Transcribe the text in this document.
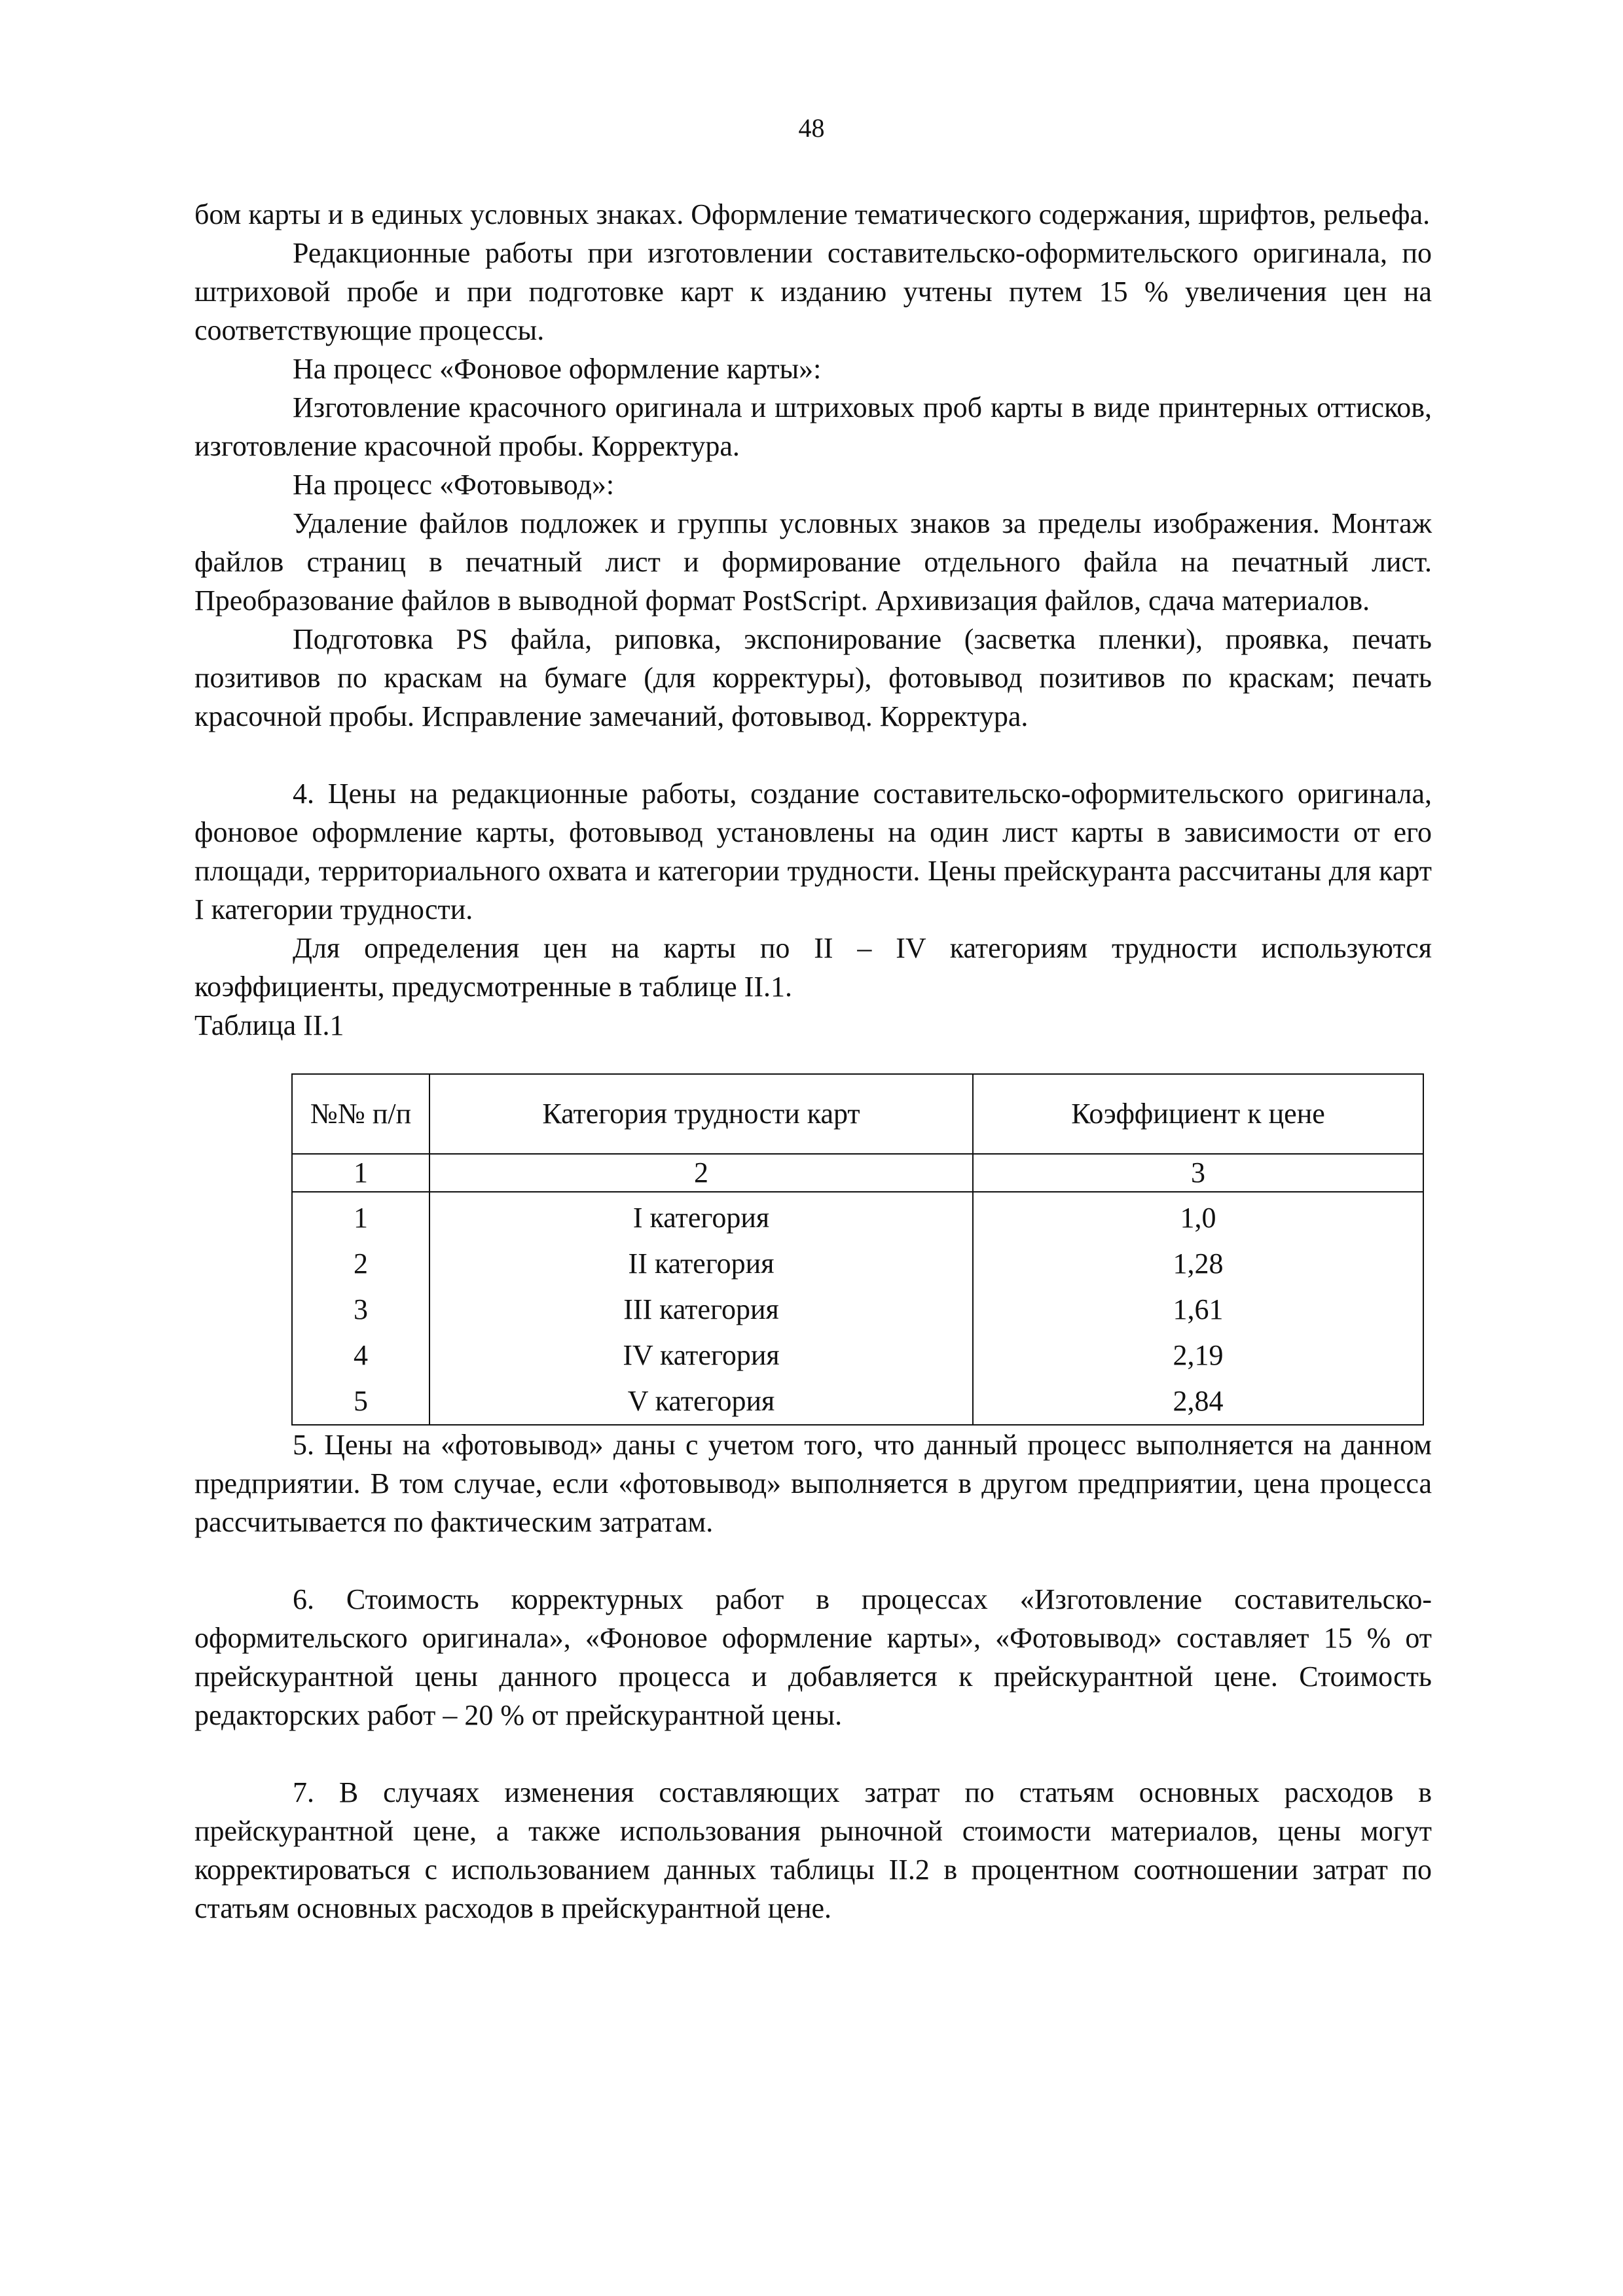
48

бом карты и в единых условных знаках. Оформление тематического содержания, шрифтов, рельефа.

Редакционные работы при изготовлении составительско-оформительского оригинала, по штриховой пробе и при подготовке карт к изданию учтены путем 15 % увеличения цен на соответствующие процессы.

На процесс «Фоновое оформление карты»:

Изготовление красочного оригинала и штриховых проб карты в виде принтерных оттисков, изготовление красочной пробы. Корректура.

На процесс «Фотовывод»:

Удаление файлов подложек и группы условных знаков за пределы изображения. Монтаж файлов страниц в печатный лист и формирование отдельного файла на печатный лист. Преобразование файлов в выводной формат PostScript. Архивизация файлов, сдача материалов.

Подготовка PS файла, риповка, экспонирование (засветка пленки), проявка, печать позитивов по краскам на бумаге (для корректуры), фотовывод позитивов по краскам; печать красочной пробы. Исправление замечаний, фотовывод. Корректура.

4. Цены на редакционные работы, создание составительско-оформительского оригинала, фоновое оформление карты, фотовывод установлены на один лист карты в зависимости от его площади, территориального охвата и категории трудности. Цены прейскуранта рассчитаны для карт I категории трудности.

Для определения цен на карты по II – IV категориям трудности используются коэффициенты, предусмотренные в таблице II.1.

Таблица II.1

№№ п/п	Категория трудности карт	Коэффициент к цене
1	2	3
1	I категория	1,0
2	II категория	1,28
3	III категория	1,61
4	IV категория	2,19
5	V категория	2,84

5. Цены на «фотовывод» даны с учетом того, что данный процесс выполняется на данном предприятии. В том случае, если «фотовывод» выполняется в другом предприятии, цена процесса рассчитывается по фактическим затратам.

6. Стоимость корректурных работ в процессах «Изготовление составительско-оформительского оригинала», «Фоновое оформление карты», «Фотовывод» составляет 15 % от прейскурантной цены данного процесса и добавляется к прейскурантной цене. Стоимость редакторских работ – 20 % от прейскурантной цены.

7. В случаях изменения составляющих затрат по статьям основных расходов в прейскурантной цене, а также использования рыночной стоимости материалов, цены могут корректироваться с использованием данных таблицы II.2 в процентном соотношении затрат по статьям основных расходов в прейскурантной цене.
